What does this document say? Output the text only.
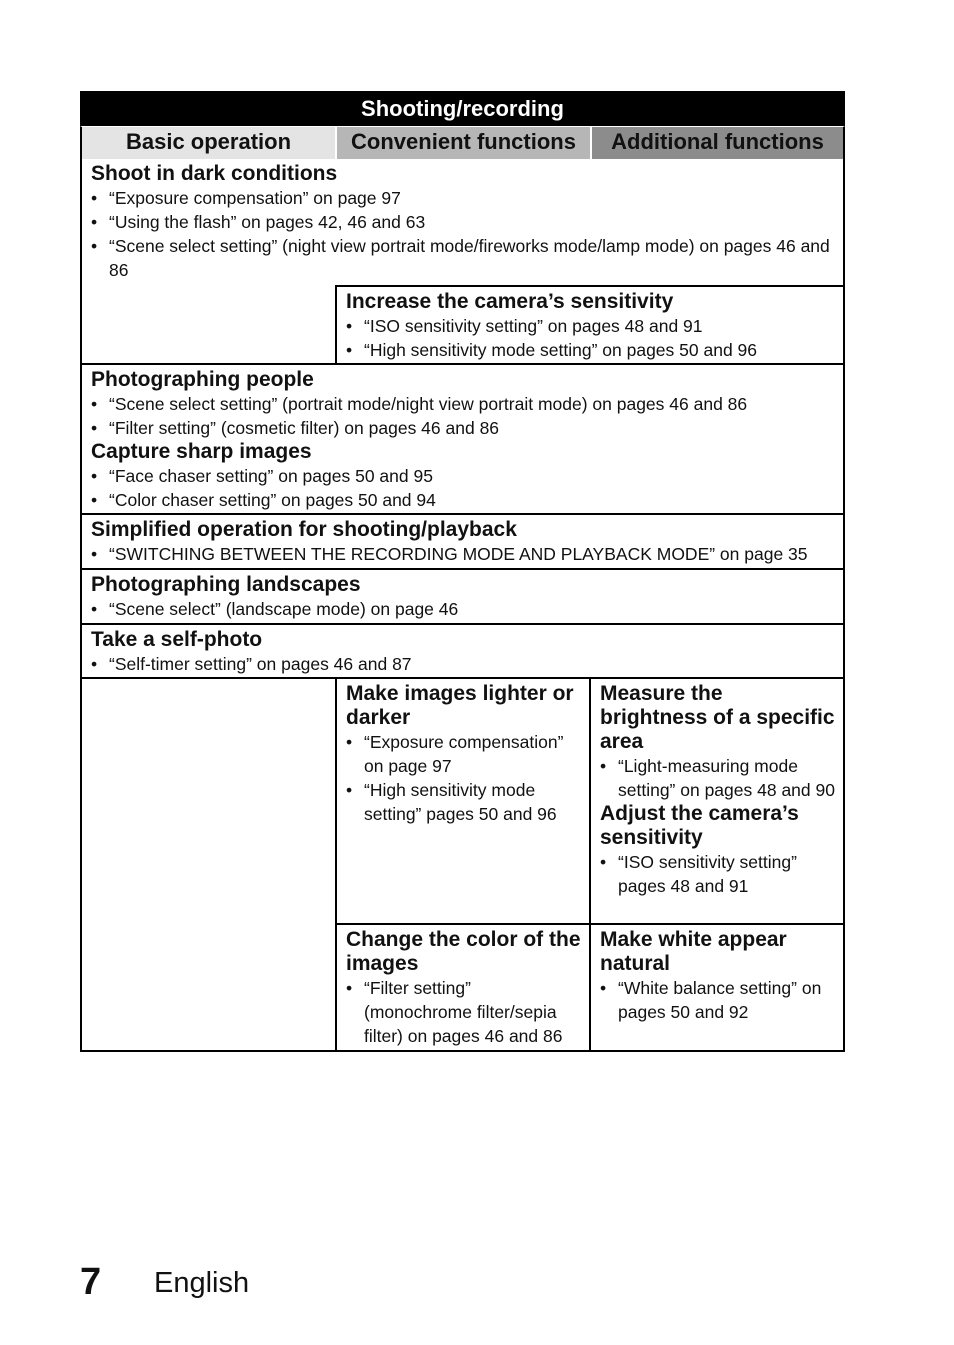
Shooting/recording
Basic operation	Convenient functions	Additional functions

Shoot in dark conditions

• “Exposure compensation” on page 97
• “Using the flash” on pages 42, 46 and 63
• “Scene select setting” (night view portrait mode/fireworks mode/lamp mode) on pages 46 and 86

Increase the camera’s sensitivity

• “ISO sensitivity setting” on pages 48 and 91
• “High sensitivity mode setting” on pages 50 and 96

Photographing people

• “Scene select setting” (portrait mode/night view portrait mode) on pages 46 and 86
• “Filter setting” (cosmetic filter) on pages 46 and 86

Capture sharp images

• “Face chaser setting” on pages 50 and 95
• “Color chaser setting” on pages 50 and 94

Simplified operation for shooting/playback

• “SWITCHING BETWEEN THE RECORDING MODE AND PLAYBACK MODE” on page 35

Photographing landscapes

• “Scene select” (landscape mode) on page 46

Take a self-photo

• “Self-timer setting” on pages 46 and 87

Make images lighter or darker

• “Exposure compensation” on page 97
• “High sensitivity mode setting” pages 50 and 96

Measure the brightness of a specific area

• “Light-measuring mode setting” on pages 48 and 90

Adjust the camera’s sensitivity

• “ISO sensitivity setting” pages 48 and 91

Change the color of the images

• “Filter setting” (monochrome filter/sepia filter) on pages 46 and 86

Make white appear natural

• “White balance setting” on pages 50 and 92
7 English
